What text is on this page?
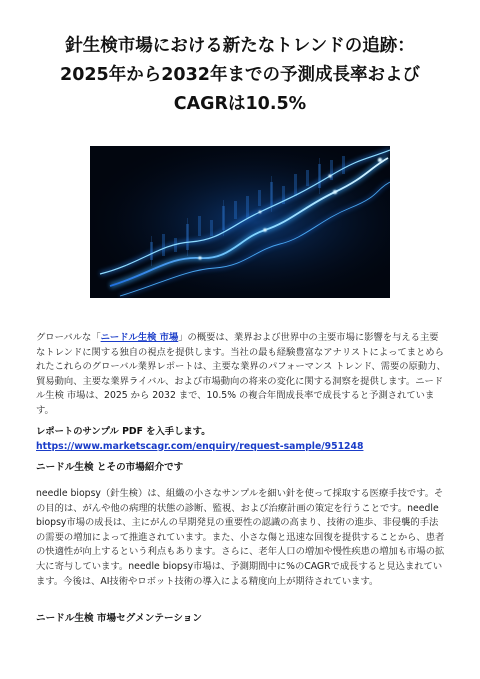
針生検市場における新たなトレンドの追跡：
2025年から2032年までの予測成長率および
CAGRは10.5%

グローバルな「ニードル生検 市場」の概要は、業界および世界中の主要市場に影響を与える主要なトレンドに関する独自の視点を提供します。当社の最も経験豊富なアナリストによってまとめられたこれらのグローバル業界レポートは、主要な業界のパフォーマンス トレンド、需要の原動力、貿易動向、主要な業界ライバル、および市場動向の将来の変化に関する洞察を提供します。ニードル生検 市場は、2025 から 2032 まで、10.5% の複合年間成長率で成長すると予測されています。

レポートのサンプル PDF を入手します。 https://www.marketscagr.com/enquiry/request-sample/951248

ニードル生検 とその市場紹介です

needle biopsy（針生検）は、組織の小さなサンプルを細い針を使って採取する医療手技です。その目的は、がんや他の病理的状態の診断、監視、および治療計画の策定を行うことです。needle biopsy市場の成長は、主にがんの早期発見の重要性の認識の高まり、技術の進歩、非侵襲的手法の需要の増加によって推進されています。また、小さな傷と迅速な回復を提供することから、患者の快適性が向上するという利点もあります。さらに、老年人口の増加や慢性疾患の増加も市場の拡大に寄与しています。needle biopsy市場は、予測期間中に%のCAGRで成長すると見込まれています。今後は、AI技術やロボット技術の導入による精度向上が期待されています。

ニードル生検 市場セグメンテーション
